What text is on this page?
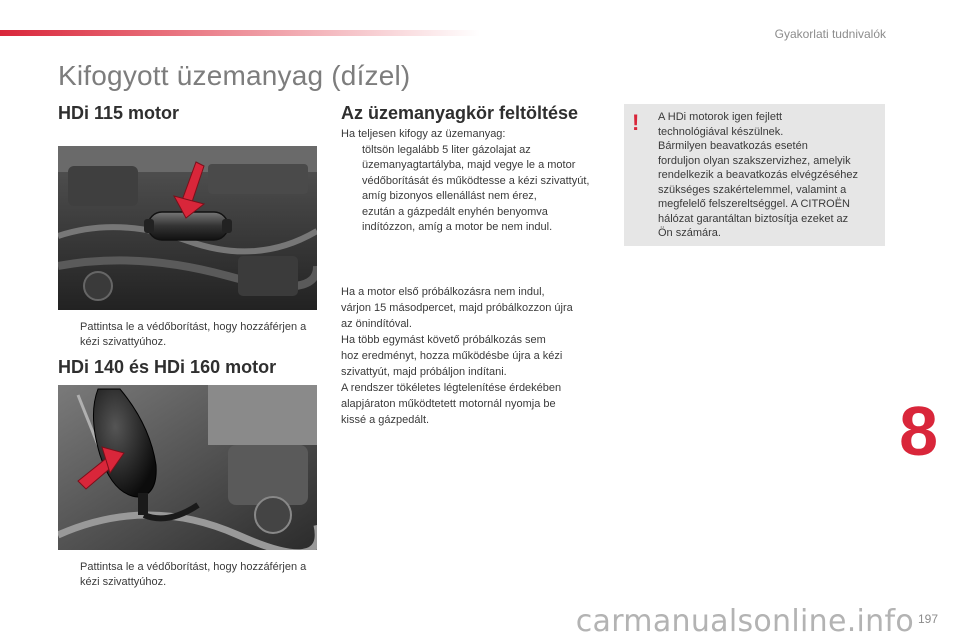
Gyakorlati tudnivalók
Kifogyott üzemanyag (dízel)
HDi 115 motor
Pattintsa le a védőborítást, hogy hozzáférjen a kézi szivattyúhoz.
HDi 140 és HDi 160 motor
Pattintsa le a védőborítást, hogy hozzáférjen a kézi szivattyúhoz.
Az üzemanyagkör feltöltése
Ha teljesen kifogy az üzemanyag:
töltsön legalább 5 liter gázolajat az üzemanyagtartályba, majd vegye le a motor védőborítását és működtesse a kézi szivattyút, amíg bizonyos ellenállást nem érez,
ezután a gázpedált enyhén benyomva indítózzon, amíg a motor be nem indul.
Ha a motor első próbálkozásra nem indul,
várjon 15 másodpercet, majd próbálkozzon újra
az önindítóval.
Ha több egymást követő próbálkozás sem
hoz eredményt, hozza működésbe újra a kézi
szivattyút, majd próbáljon indítani.
A rendszer tökéletes légtelenítése érdekében
alapjáraton működtetett motornál nyomja be
kissé a gázpedált.
! A HDi motorok igen fejlett
technológiával készülnek.
Bármilyen beavatkozás esetén
forduljon olyan szakszervizhez, amelyik
rendelkezik a beavatkozás elvégzéséhez
szükséges szakértelemmel, valamint a
megfelelő felszereltséggel. A CITROËN
hálózat garantáltan biztosítja ezeket az
Ön számára.
8
carmanualsonline.info 197
